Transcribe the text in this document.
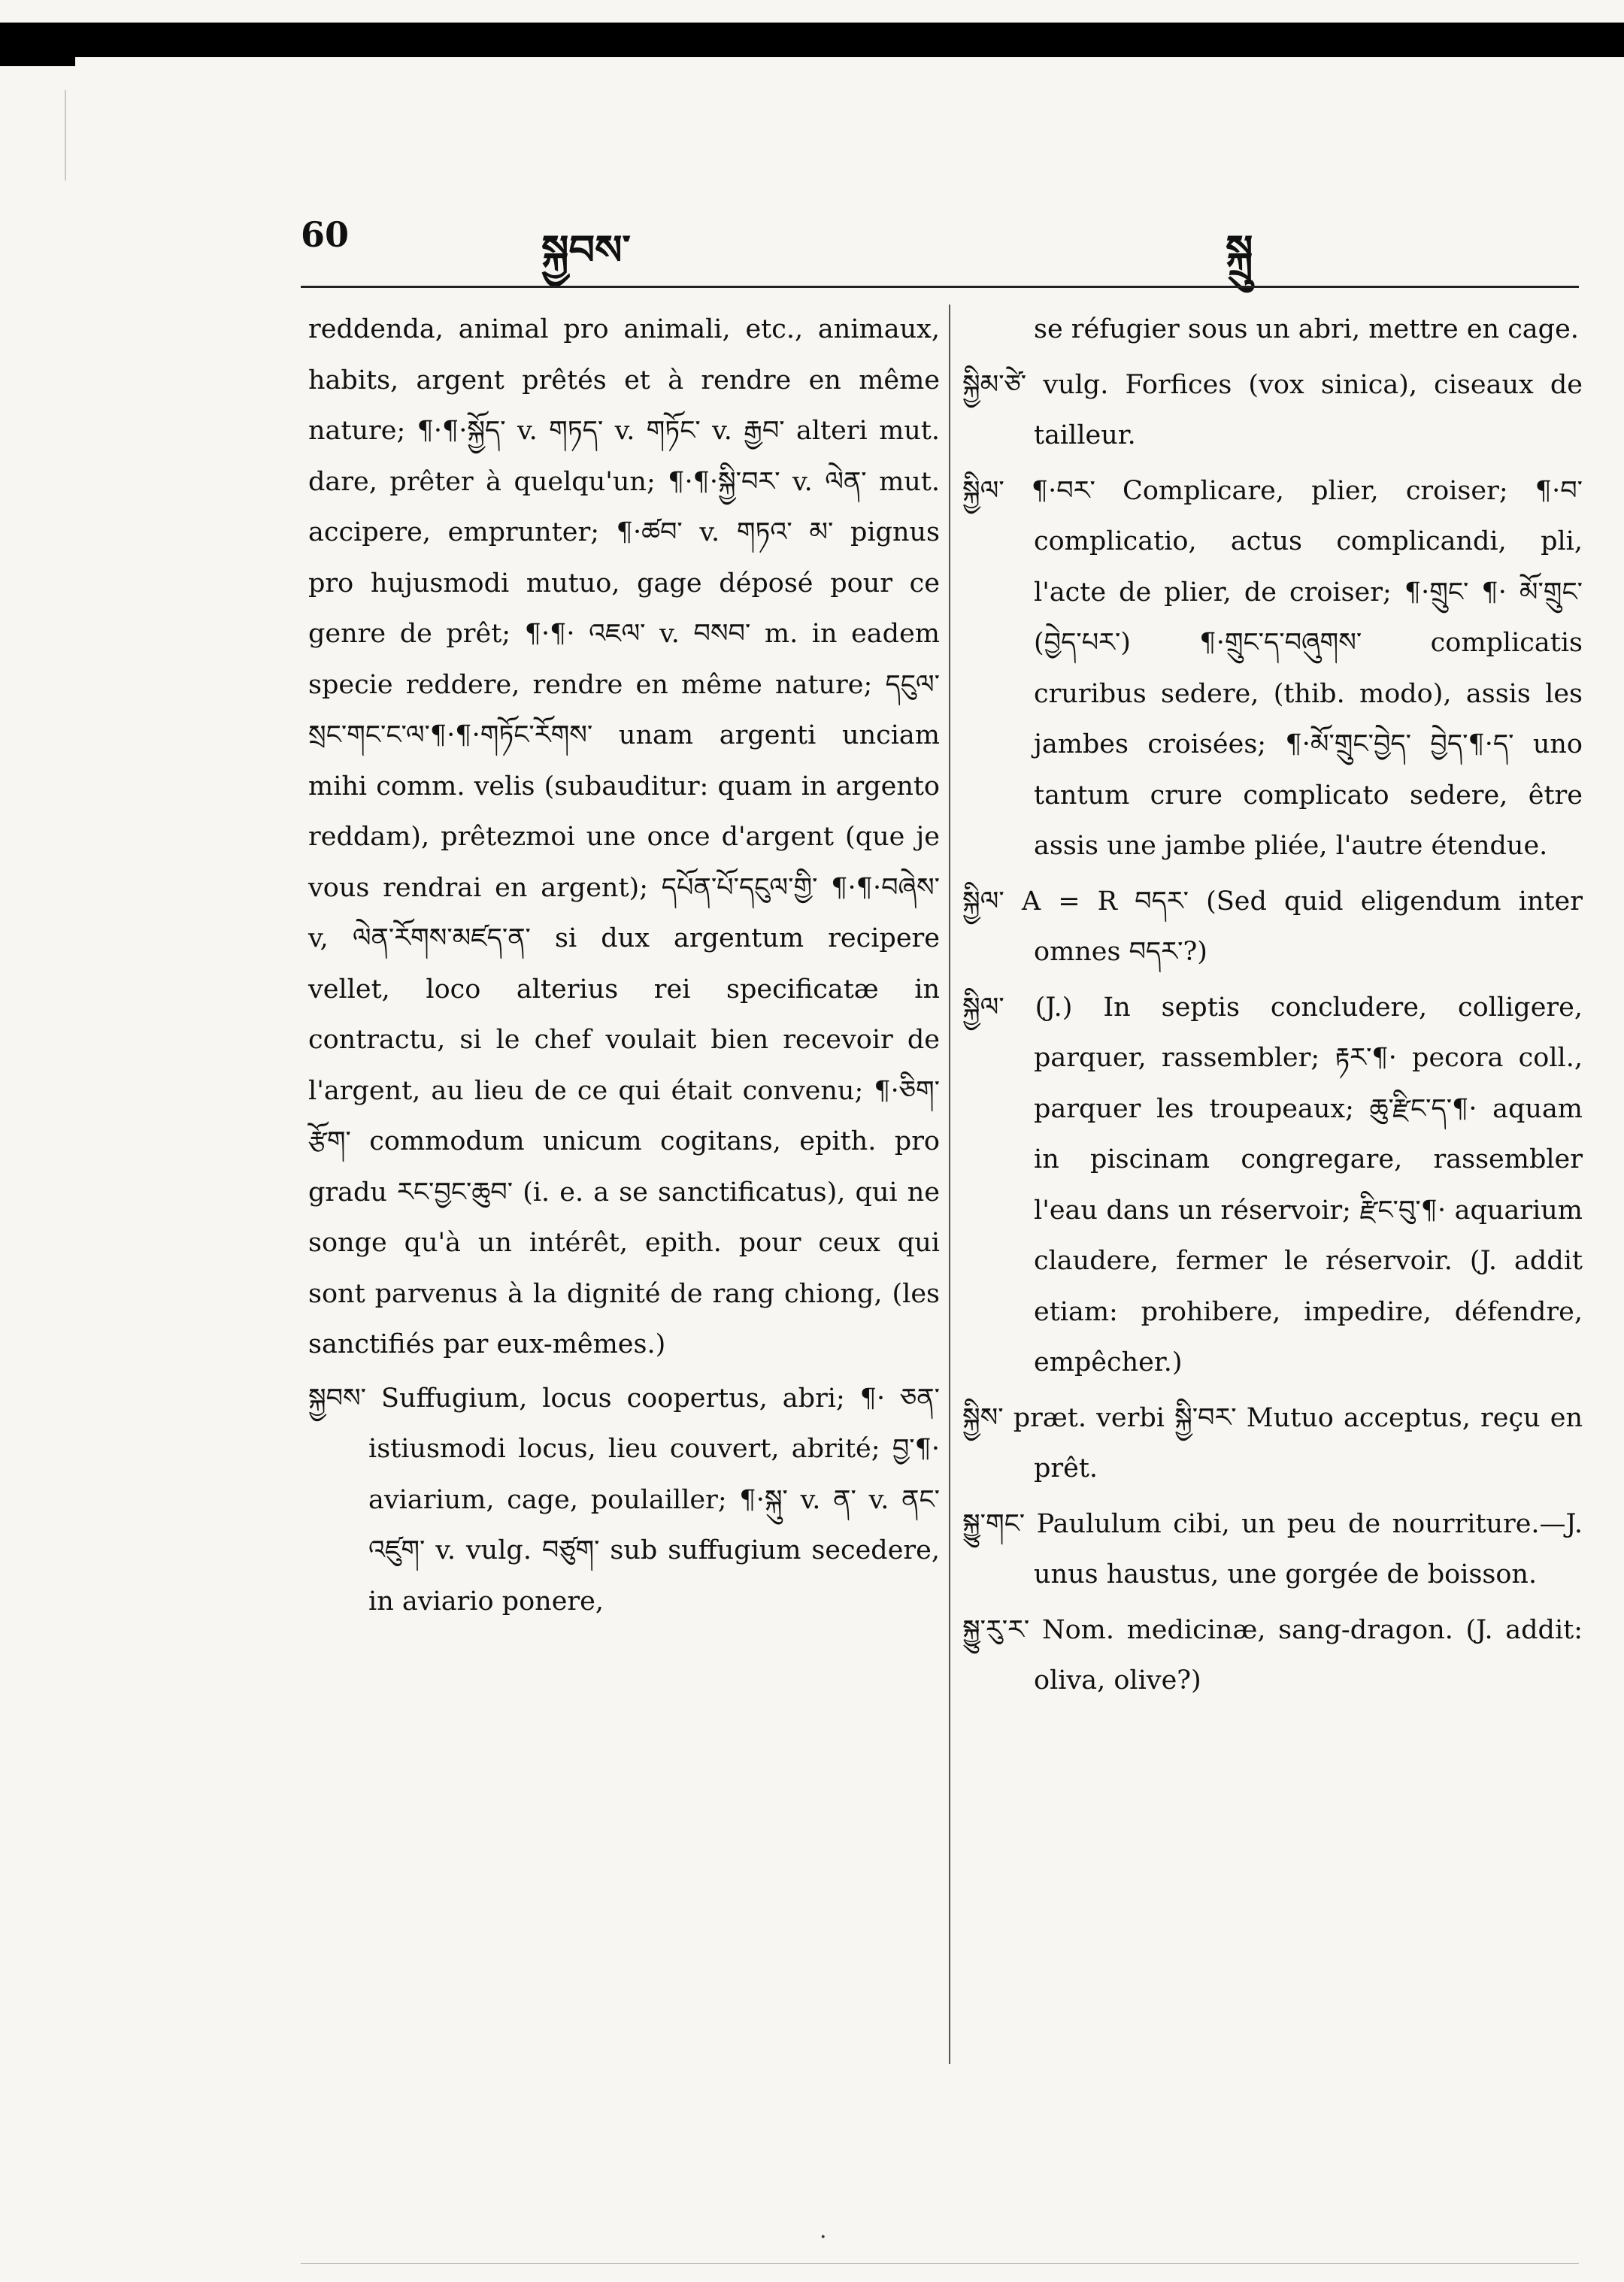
60	སྐྱབས་	སྐྲུ

reddenda, animal pro animali, etc., animaux, habits, argent prêtés et à rendre en même nature; ¶·¶·སྐྱོད་ v. གཏད་ v. གཏོང་ v. རྒྱབ་ alteri mut. dare, prêter à quelqu'un; ¶·¶·སྐྱི་བར་ v. ལེན་ mut. accipere, emprunter; ¶·ཚབ་ v. གཏའ་ མ་ pignus pro hujusmodi mutuo, gage déposé pour ce genre de prêt; ¶·¶· འཇལ་ v. བསབ་ m. in eadem specie reddere, rendre en même nature; དངུལ་ སྲང་གང་ང་ལ་¶·¶·གཏོང་རོགས་ unam argenti unciam mihi comm. velis (subauditur: quam in argento reddam), prêtezmoi une once d'argent (que je vous rendrai en argent); དཔོན་པོ་དངུལ་གྱི་ ¶·¶·བཞེས་ v, ལེན་རོགས་མཛད་ན་ si dux argentum recipere vellet, loco alterius rei specificatæ in contractu, si le chef voulait bien recevoir de l'argent, au lieu de ce qui était convenu; ¶·ཅིག་རྩོག་ commodum unicum cogitans, epith. pro gradu རང་བྱང་ཆུབ་ (i. e. a se sanctificatus), qui ne songe qu'à un intérêt, epith. pour ceux qui sont parvenus à la dignité de rang chiong, (les sanctifiés par eux-mêmes.)

སྐྱབས་ Suffugium, locus coopertus, abri; ¶· ཅན་ istiusmodi locus, lieu couvert, abrité; བྱ་¶· aviarium, cage, poulailler; ¶·སྐུ་ v. ན་ v. ནང་འཛུག་ v. vulg. བཙུག་ sub suffugium secedere, in aviario ponere,

se réfugier sous un abri, mettre en cage.

སྐྱིམ་ཙེ་ vulg. Forfices (vox sinica), ciseaux de tailleur.

སྐྱིལ་ ¶·བར་ Complicare, plier, croiser; ¶·བ་ complicatio, actus complicandi, pli, l'acte de plier, de croiser; ¶·གྲུང་ ¶· མོ་གྲུང་(བྱེད་པར་) ¶·གྲུང་ད་བཞུགས་ complicatis cruribus sedere, (thib. modo), assis les jambes croisées; ¶·མོ་གྲུང་བྱེད་ བྱེད་¶·ད་ uno tantum crure complicato sedere, être assis une jambe pliée, l'autre étendue.

སྐྱིལ་ A = R བདར་ (Sed quid eligendum inter omnes བདར་?)

སྐྱིལ་ (J.) In septis concludere, colligere, parquer, rassembler; རྟར་¶· pecora coll., parquer les troupeaux; ཆུ་རྫིང་ད་¶· aquam in piscinam congregare, rassembler l'eau dans un réservoir; རྫིང་བུ་¶· aquarium claudere, fermer le réservoir. (J. addit etiam: prohibere, impedire, défendre, empêcher.)

སྐྱིས་ præt. verbi སྐྱི་བར་ Mutuo acceptus, reçu en prêt.

སྐྱུ་གང་ Paululum cibi, un peu de nourriture.—J. unus haustus, une gorgée de boisson.

སྐྱུ་རུ་ར་ Nom. medicinæ, sang-dragon. (J. addit: oliva, olive?)

·
